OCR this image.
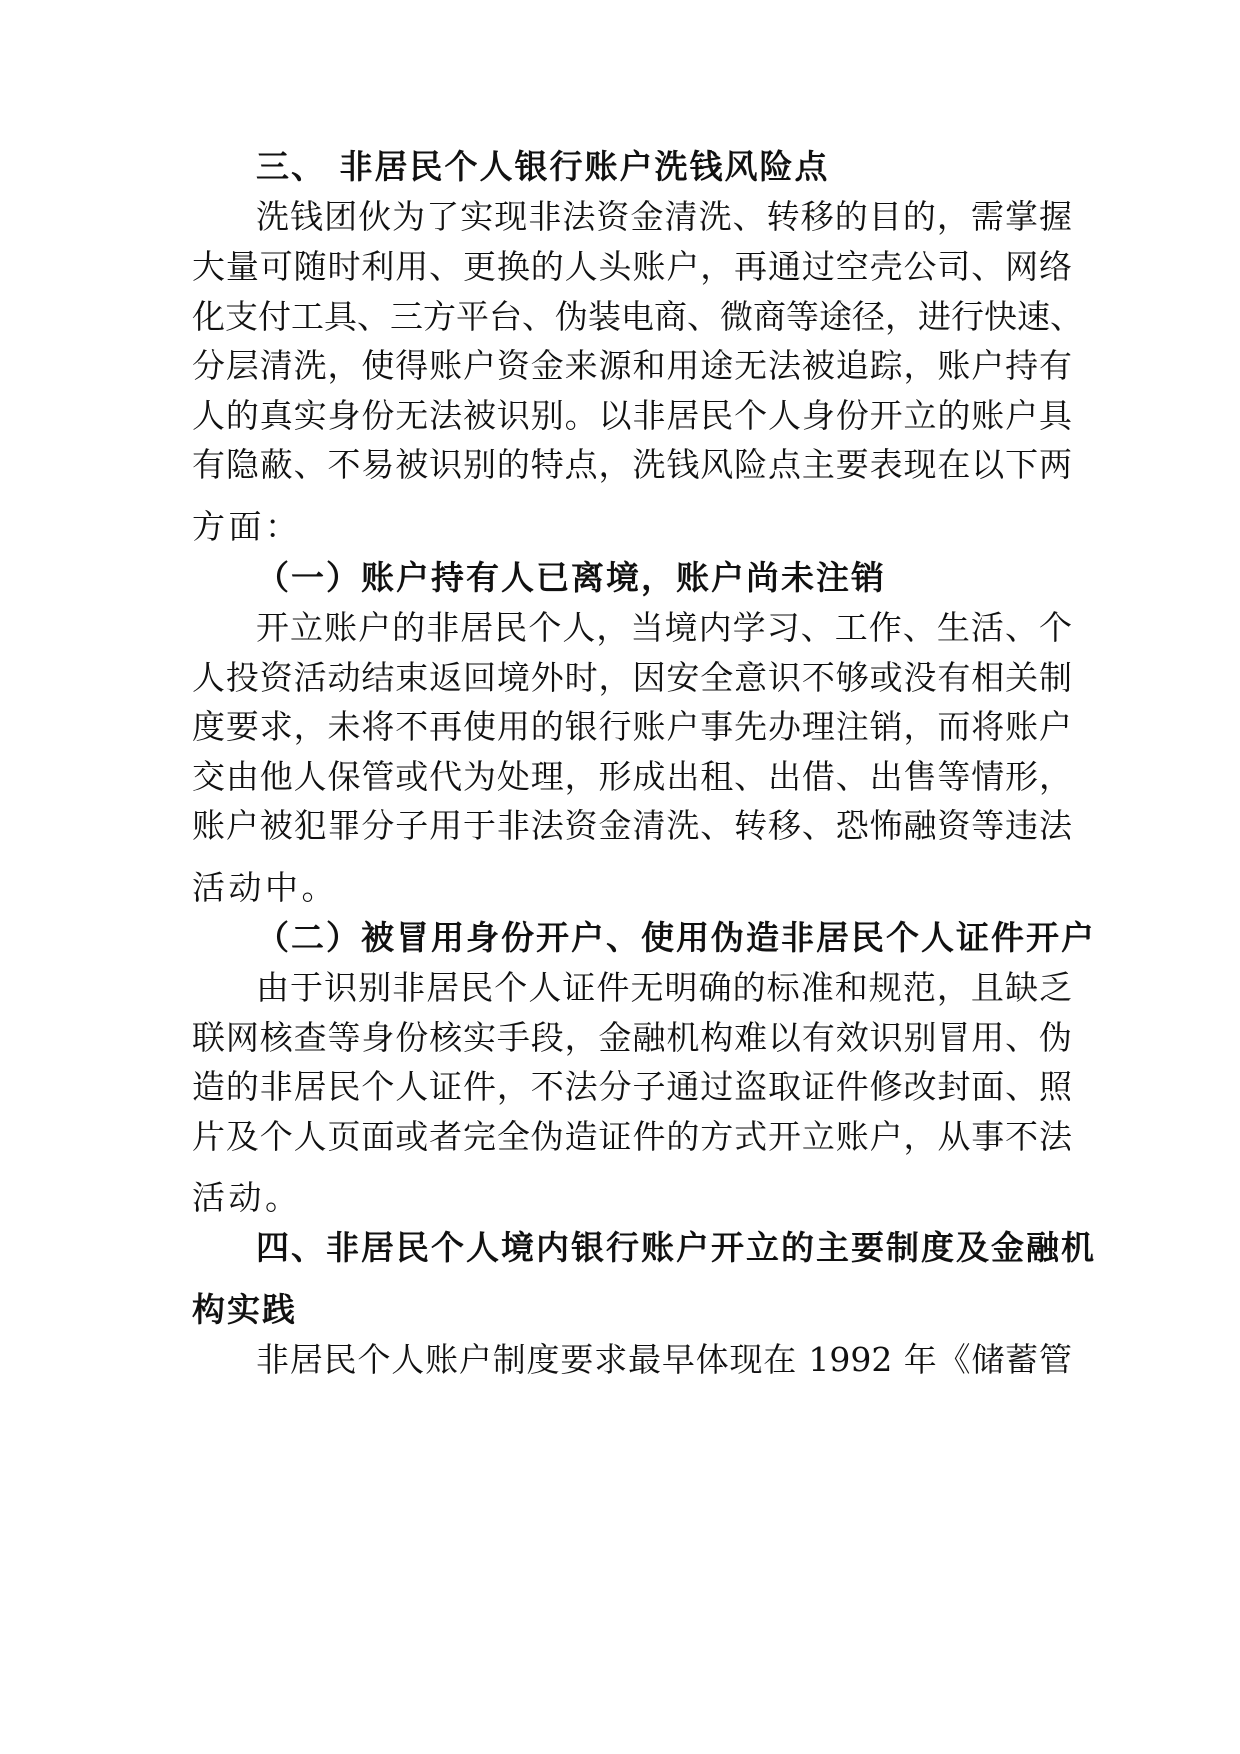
三、 非居民个人银行账户洗钱风险点
洗钱团伙为了实现非法资金清洗、转移的目的，需掌握
大量可随时利用、更换的人头账户，再通过空壳公司、网络
化支付工具、三方平台、伪装电商、微商等途径，进行快速、
分层清洗，使得账户资金来源和用途无法被追踪，账户持有
人的真实身份无法被识别。以非居民个人身份开立的账户具
有隐蔽、不易被识别的特点，洗钱风险点主要表现在以下两
方面：
（一）账户持有人已离境，账户尚未注销
开立账户的非居民个人，当境内学习、工作、生活、个
人投资活动结束返回境外时，因安全意识不够或没有相关制
度要求，未将不再使用的银行账户事先办理注销，而将账户
交由他人保管或代为处理，形成出租、出借、出售等情形，
账户被犯罪分子用于非法资金清洗、转移、恐怖融资等违法
活动中。
（二）被冒用身份开户、使用伪造非居民个人证件开户
由于识别非居民个人证件无明确的标准和规范，且缺乏
联网核查等身份核实手段，金融机构难以有效识别冒用、伪
造的非居民个人证件，不法分子通过盗取证件修改封面、照
片及个人页面或者完全伪造证件的方式开立账户，从事不法
活动。
四、非居民个人境内银行账户开立的主要制度及金融机
构实践
非居民个人账户制度要求最早体现在 1992 年《储蓄管
